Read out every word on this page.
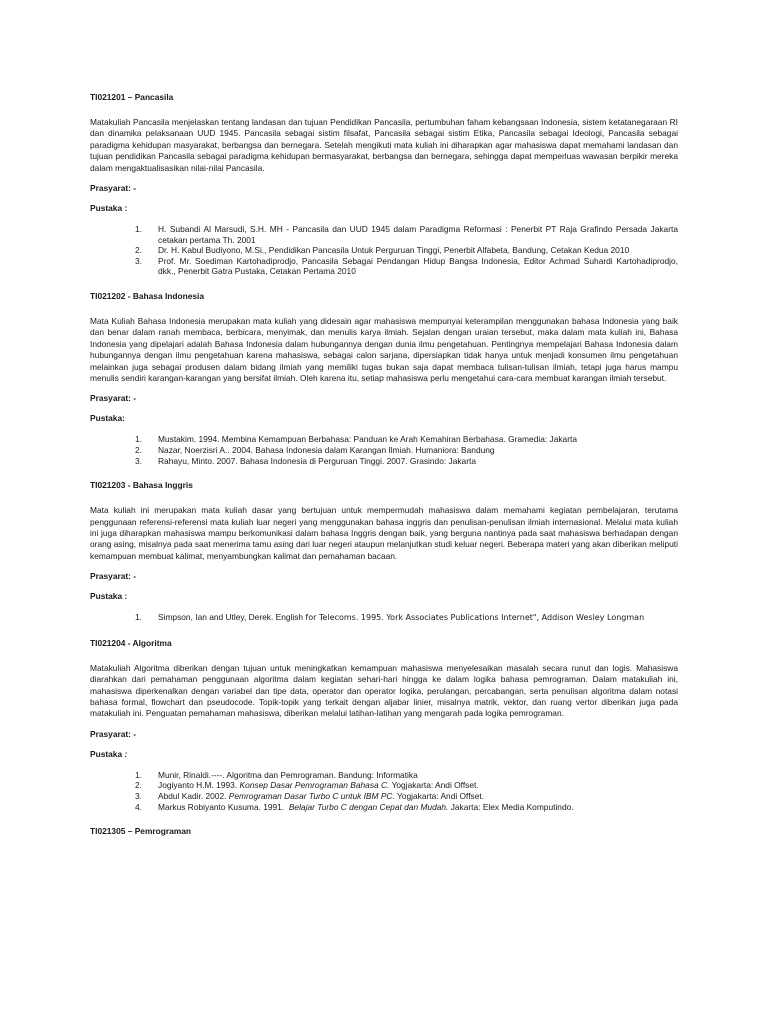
TI021201 – Pancasila

Matakuliah Pancasila menjelaskan tentang landasan dan tujuan Pendidikan Pancasila, pertumbuhan faham kebangsaan Indonesia, sistem ketatanegaraan RI dan dinamika pelaksanaan UUD 1945. Pancasila sebagai sistim filsafat, Pancasila sebagai sistim Etika, Pancasila sebagai Ideologi, Pancasila sebagai paradigma kehidupan masyarakat, berbangsa dan bernegara. Setelah mengikuti mata kuliah ini diharapkan agar mahasiswa dapat memahami landasan dan tujuan pendidikan Pancasila sebagai paradigma kehidupan bermasyarakat, berbangsa dan bernegara, sehingga dapat memperluas wawasan berpikir mereka dalam mengaktualisasikan nilai-nilai Pancasila.

Prasyarat: -

Pustaka :

1.	H. Subandi Al Marsudi, S.H. MH - Pancasila dan UUD 1945 dalam Paradigma Reformasi : Penerbit PT Raja Grafindo Persada Jakarta cetakan pertama Th. 2001
2.	Dr. H. Kabul Budiyono, M.Si., Pendidikan Pancasila Untuk Perguruan Tinggi, Penerbit Alfabeta, Bandung, Cetakan Kedua 2010
3.	Prof. Mr. Soediman Kartohadiprodjo, Pancasila Sebagai Pendangan Hidup Bangsa Indonesia, Editor Achmad Suhardi Kartohadiprodjo, dkk., Penerbit Gatra Pustaka, Cetakan Pertama 2010

TI021202 - Bahasa Indonesia

Mata Kuliah Bahasa Indonesia merupakan mata kuliah yang didesain agar mahasiswa mempunyai keterampilan menggunakan bahasa Indonesia yang baik dan benar dalam ranah membaca, berbicara, menyimak, dan menulis karya ilmiah. Sejalan dengan uraian tersebut, maka dalam mata kuliah ini, Bahasa Indonesia yang dipelajari adalah Bahasa Indonesia dalam hubungannya dengan dunia ilmu pengetahuan. Pentingnya mempelajari Bahasa Indonesia dalam hubungannya dengan ilmu pengetahuan karena mahasiswa, sebagai calon sarjana, dipersiapkan tidak hanya untuk menjadi konsumen ilmu pengetahuan melainkan juga sebagai produsen dalam bidang ilmiah yang memiliki tugas bukan saja dapat membaca tulisan-tulisan ilmiah, tetapi juga harus mampu menulis sendiri karangan-karangan yang bersifat ilmiah. Oleh karena itu, setiap mahasiswa perlu mengetahui cara-cara membuat karangan ilmiah tersebut.

Prasyarat: -

Pustaka:

1.	Mustakim. 1994. Membina Kemampuan Berbahasa: Panduan ke Arah Kemahiran Berbahasa. Gramedia: Jakarta
2.	Nazar, Noerzisri A.. 2004. Bahasa Indonesia dalam Karangan Ilmiah. Humaniora: Bandung
3.	Rahayu, Minto. 2007. Bahasa Indonesia di Perguruan Tinggi. 2007. Grasindo: Jakarta

TI021203 - Bahasa Inggris

Mata kuliah ini merupakan mata kuliah dasar yang bertujuan untuk mempermudah mahasiswa dalam memahami kegiatan pembelajaran, terutama penggunaan referensi-referensi mata kuliah luar negeri yang menggunakan bahasa inggris dan penulisan-penulisan ilmiah internasional. Melalui mata kuliah ini juga diharapkan mahasiswa mampu berkomunikasi dalam bahasa Inggris dengan baik, yang berguna nantinya pada saat mahasiswa berhadapan dengan orang asing, misalnya pada saat menerima tamu asing dari luar negeri ataupun melanjutkan studi keluar negeri. Beberapa materi yang akan diberikan meliputi kemampuan membuat kalimat, menyambungkan kalimat dan pemahaman bacaan.

Prasyarat: -

Pustaka :

1.	Simpson, Ian and Utley, Derek. English for Telecoms. 1995. York Associates Publications Internet", Addison Wesley Longman

TI021204 - Algoritma

Matakuliah Algoritma diberikan dengan tujuan untuk meningkatkan kemampuan mahasiswa menyelesaikan masalah secara runut dan logis. Mahasiswa diarahkan dari pemahaman penggunaan algoritma dalam kegiatan sehari-hari hingga ke dalam logika bahasa pemrograman. Dalam matakuliah ini, mahasiswa diperkenalkan dengan variabel dan tipe data, operator dan operator logika, perulangan, percabangan, serta penulisan algoritma dalam notasi bahasa formal, flowchart dan pseudocode. Topik-topik yang terkait dengan aljabar linier, misalnya matrik, vektor, dan ruang vertor diberikan juga pada matakuliah ini. Penguatan pemahaman mahasiswa, diberikan melalui latihan-latihan yang mengarah pada logika pemrograman.

Prasyarat: -

Pustaka :

1.	Munir, Rinaldi.----. Algoritma dan Pemrograman. Bandung: Informatika
2.	Jogiyanto H.M. 1993. Konsep Dasar Pemrograman Bahasa C. Yogjakarta: Andi Offset.
3.	Abdul Kadir. 2002. Pemrograman Dasar Turbo C untuk IBM PC. Yogjakarta: Andi Offset.
4.	Markus Robiyanto Kusuma. 1991. Belajar Turbo C dengan Cepat dan Mudah. Jakarta: Elex Media Komputindo.

TI021305 – Pemrograman
